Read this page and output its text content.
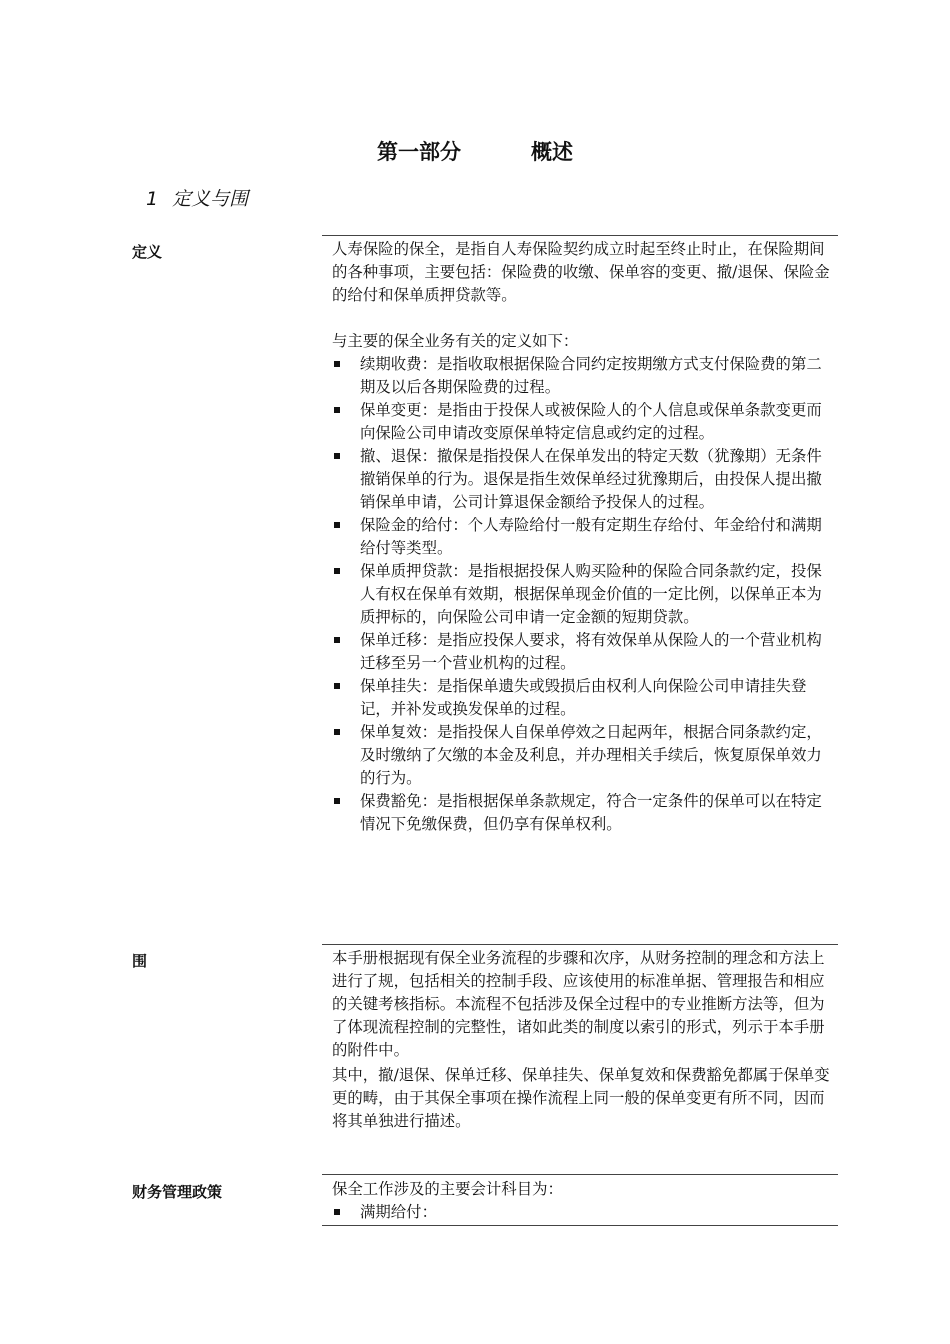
第一部分	概述
1 定义与围
定义	人寿保险的保全，是指自人寿保险契约成立时起至终止时止，在保险期间的各种事项，主要包括：保险费的收缴、保单容的变更、撤/退保、保险金的给付和保单质押贷款等。

与主要的保全业务有关的定义如下：

续期收费：是指收取根据保险合同约定按期缴方式支付保险费的第二期及以后各期保险费的过程。
保单变更：是指由于投保人或被保险人的个人信息或保单条款变更而向保险公司申请改变原保单特定信息或约定的过程。
撤、退保：撤保是指投保人在保单发出的特定天数（犹豫期）无条件撤销保单的行为。退保是指生效保单经过犹豫期后，由投保人提出撤销保单申请，公司计算退保金额给予投保人的过程。
保险金的给付：个人寿险给付一般有定期生存给付、年金给付和满期给付等类型。
保单质押贷款：是指根据投保人购买险种的保险合同条款约定，投保人有权在保单有效期，根据保单现金价值的一定比例，以保单正本为质押标的，向保险公司申请一定金额的短期贷款。
保单迁移：是指应投保人要求，将有效保单从保险人的一个营业机构迁移至另一个营业机构的过程。
保单挂失：是指保单遗失或毁损后由权利人向保险公司申请挂失登记，并补发或换发保单的过程。
保单复效：是指投保人自保单停效之日起两年，根据合同条款约定，及时缴纳了欠缴的本金及利息，并办理相关手续后，恢复原保单效力的行为。
保费豁免：是指根据保单条款规定，符合一定条件的保单可以在特定情况下免缴保费，但仍享有保单权利。
围	本手册根据现有保全业务流程的步骤和次序，从财务控制的理念和方法上进行了规，包括相关的控制手段、应该使用的标准单据、管理报告和相应的关键考核指标。本流程不包括涉及保全过程中的专业推断方法等，但为了体现流程控制的完整性，诸如此类的制度以索引的形式，列示于本手册的附件中。

其中，撤/退保、保单迁移、保单挂失、保单复效和保费豁免都属于保单变更的畴，由于其保全事项在操作流程上同一般的保单变更有所不同，因而将其单独进行描述。

财务管理政策	保全工作涉及的主要会计科目为：

满期给付：
